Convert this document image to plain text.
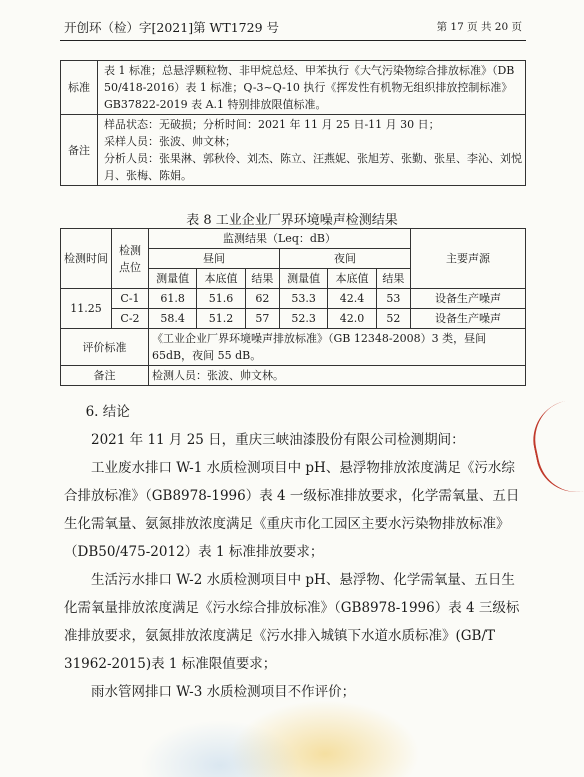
开创环（检）字[2021]第 WT1729 号	第 17 页 共 20 页
标准	表 1 标准；总悬浮颗粒物、非甲烷总烃、甲苯执行《大气污染物综合排放标准》（DB 50/418-2016）表 1 标准；Q-3~Q-10 执行《挥发性有机物无组织排放控制标准》GB37822-2019 表 A.1 特别排放限值标准。
备注	样品状态：无破损；分析时间：2021 年 11 月 25 日-11 月 30 日；
采样人员：张波、帅文林；
分析人员：张果淋、郭秋伶、刘杰、陈立、汪燕妮、张旭芳、张勤、张星、李沁、刘悦月、张梅、陈娟。
表 8 工业企业厂界环境噪声检测结果
检测时间	检测点位	监测结果（Leq：dB）						主要声源
		昼间			夜间			
		测量值	本底值	结果	测量值	本底值	结果	
11.25	C-1	61.8	51.6	62	53.3	42.4	53	设备生产噪声
	C-2	58.4	51.2	57	52.3	42.0	52	设备生产噪声
评价标准		《工业企业厂界环境噪声排放标准》（GB 12348-2008）3 类，昼间 65dB，夜间 55 dB。						
备注		检测人员：张波、帅文林。						

6. 结论

2021 年 11 月 25 日，重庆三峡油漆股份有限公司检测期间：

工业废水排口 W-1 水质检测项目中 pH、悬浮物排放浓度满足《污水综合排放标准》（GB8978-1996）表 4 一级标准排放要求，化学需氧量、五日生化需氧量、氨氮排放浓度满足《重庆市化工园区主要水污染物排放标准》（DB50/475-2012）表 1 标准排放要求；

生活污水排口 W-2 水质检测项目中 pH、悬浮物、化学需氧量、五日生化需氧量排放浓度满足《污水综合排放标准》（GB8978-1996）表 4 三级标准排放要求，氨氮排放浓度满足《污水排入城镇下水道水质标准》(GB/T 31962-2015)表 1 标准限值要求；

雨水管网排口 W-3 水质检测项目不作评价；
